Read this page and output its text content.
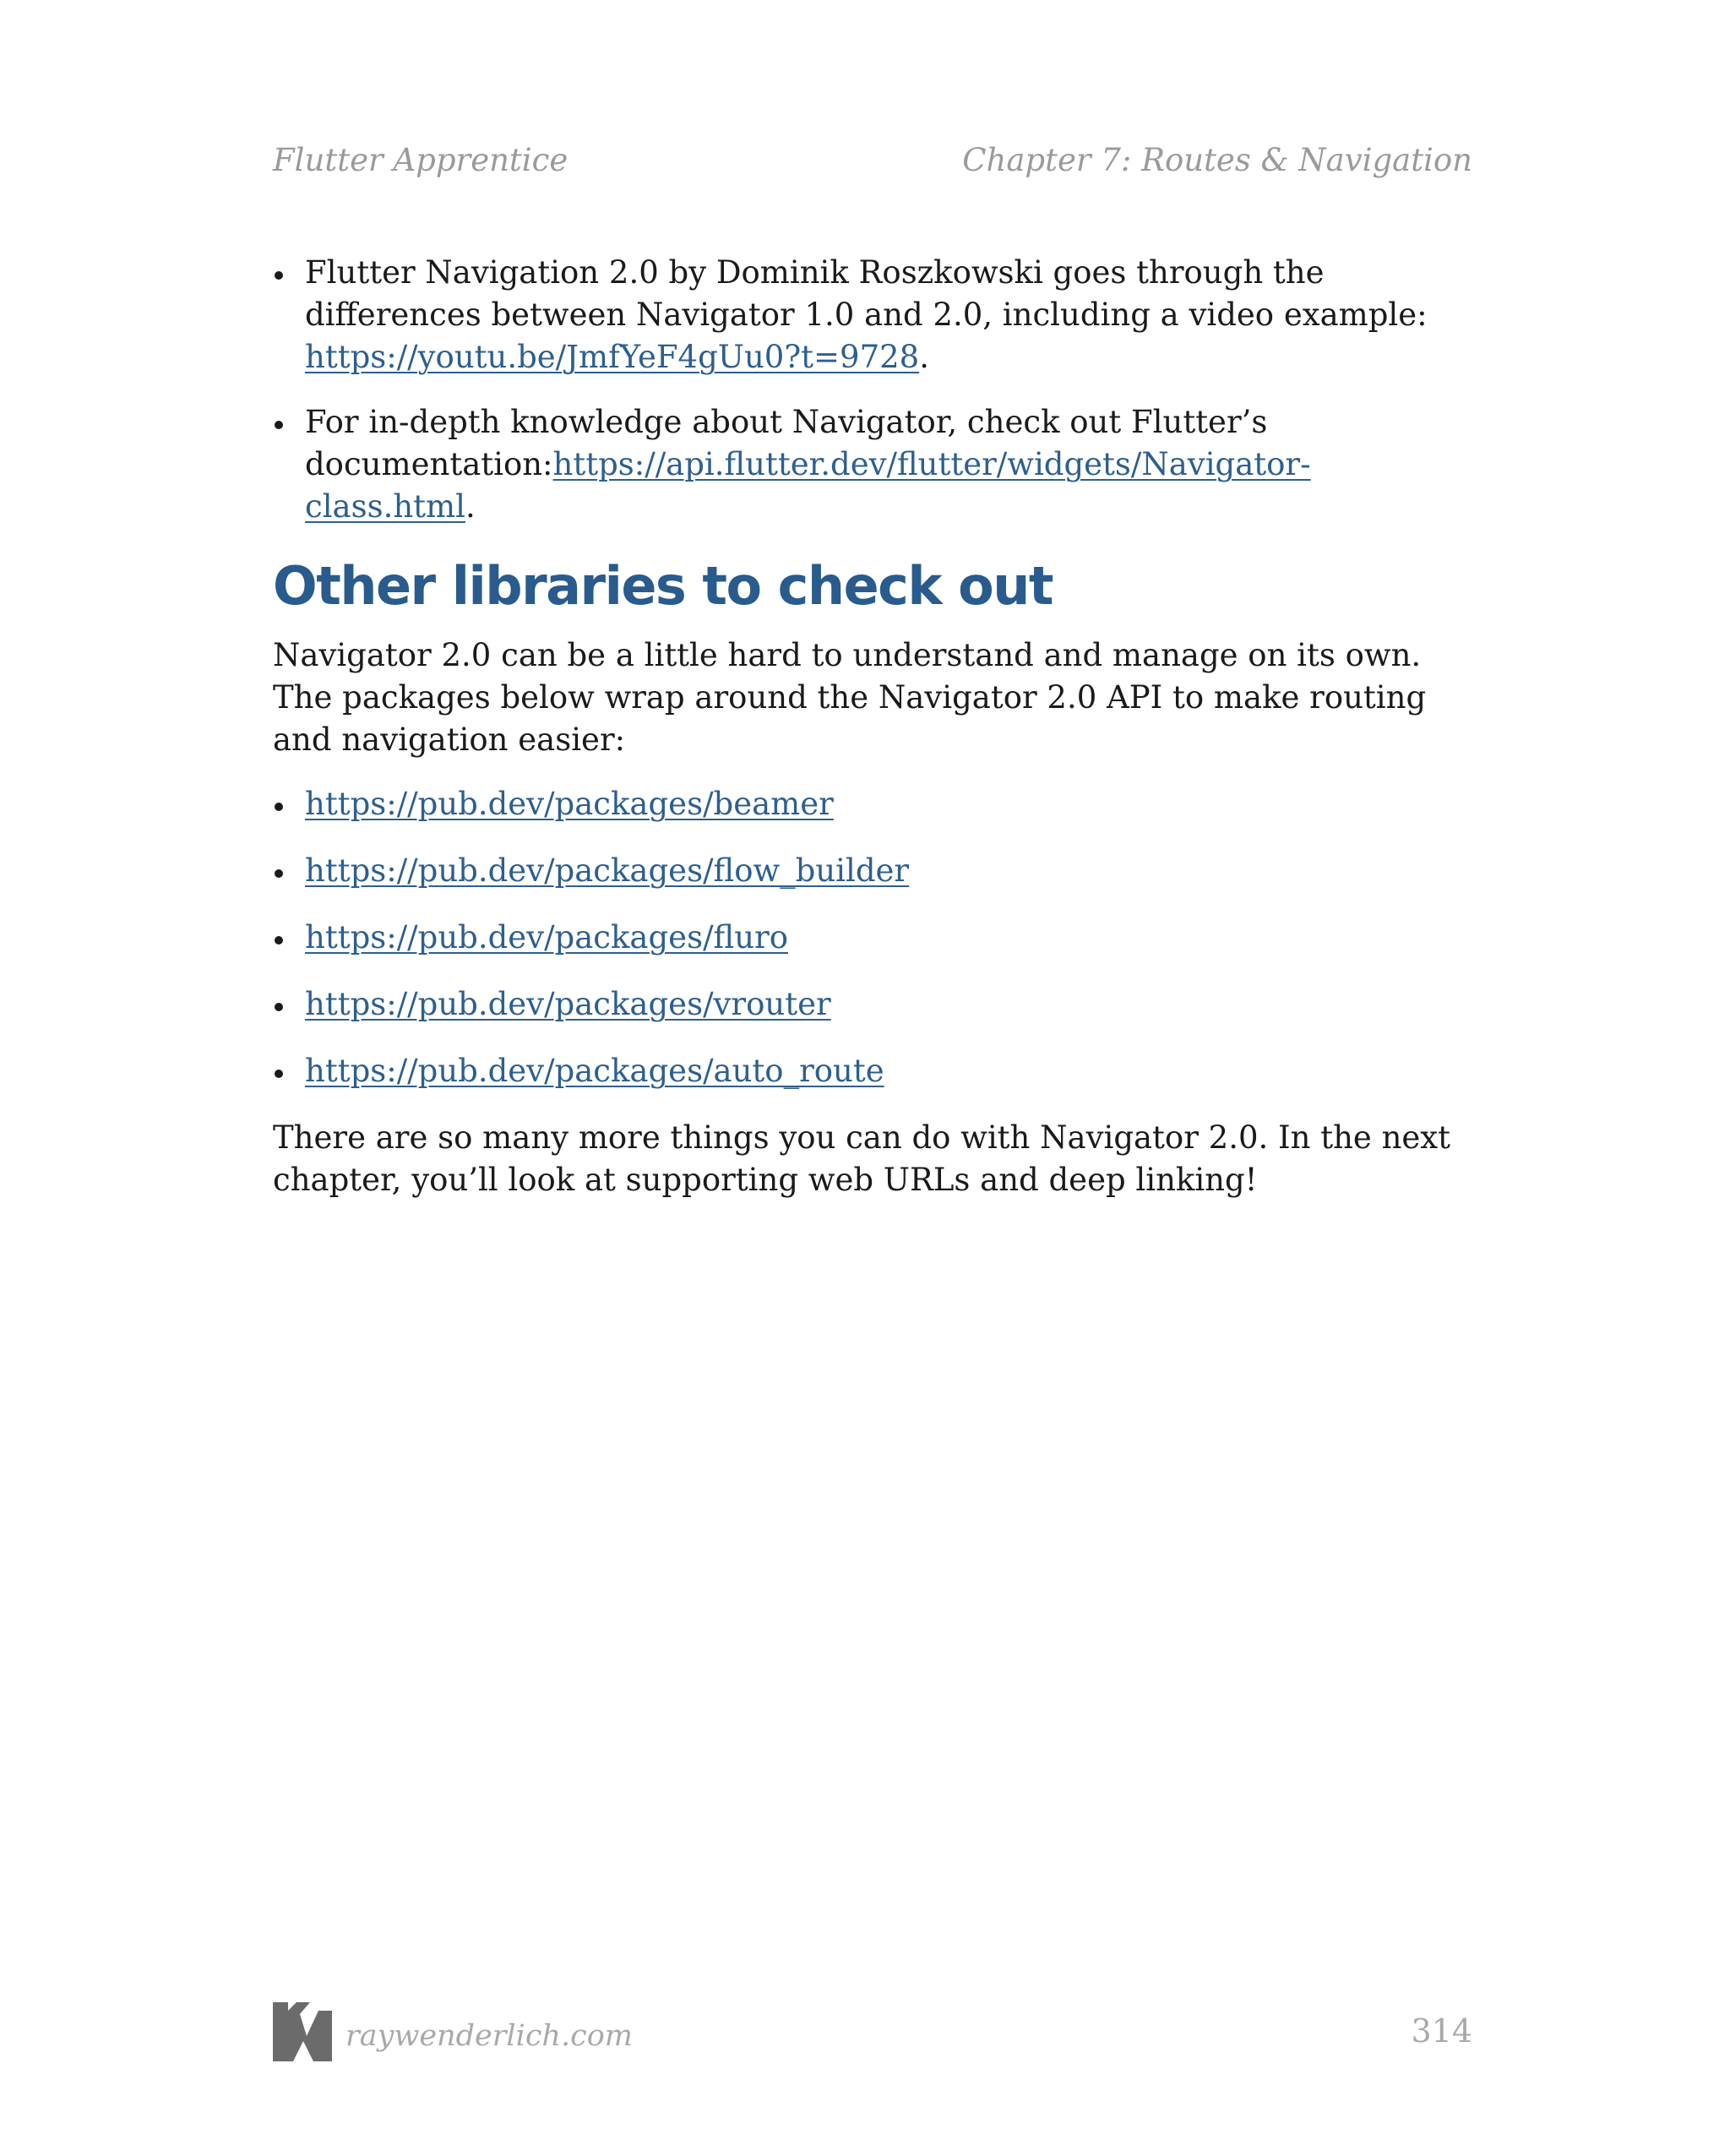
Flutter Apprentice	Chapter 7: Routes & Navigation
Flutter Navigation 2.0 by Dominik Roszkowski goes through the differences between Navigator 1.0 and 2.0, including a video example: https://youtu.be/​JmfYeF4gUu0?t=9728.
For in-depth knowledge about Navigator, check out Flutter’s documentation:https://api.flutter.dev/flutter/widgets/Navigator-class.html.
Other libraries to check out

Navigator 2.0 can be a little hard to understand and manage on its own. The packages below wrap around the Navigator 2.0 API to make routing and navigation easier:

https://pub.dev/packages/beamer
https://pub.dev/packages/flow_builder
https://pub.dev/packages/fluro
https://pub.dev/packages/vrouter
https://pub.dev/packages/auto_route

There are so many more things you can do with Navigator 2.0. In the next chapter, you’ll look at supporting web URLs and deep linking!

raywenderlich.com	314
